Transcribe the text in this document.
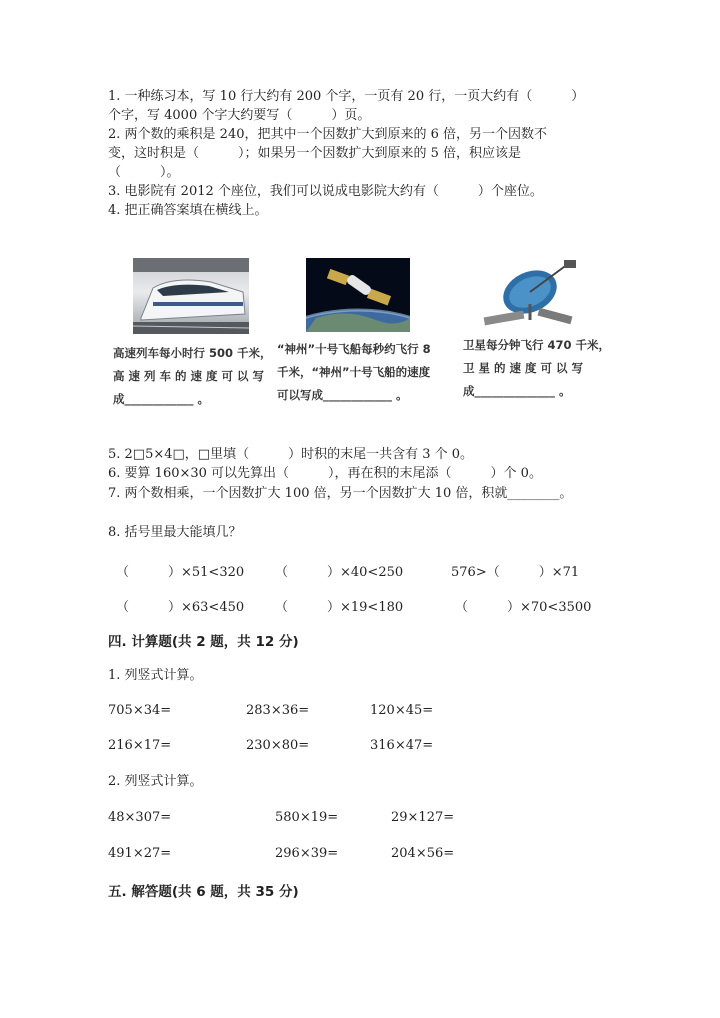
1. 一种练习本，写 10 行大约有 200 个字，一页有 20 行，一页大约有（　　　）
个字，写 4000 个字大约要写（　　　）页。
2. 两个数的乘积是 240，把其中一个因数扩大到原来的 6 倍，另一个因数不
变，这时积是（　　　）；如果另一个因数扩大到原来的 5 倍，积应该是
（　　　）。
3. 电影院有 2012 个座位，我们可以说成电影院大约有（　　　）个座位。
4. 把正确答案填在横线上。
高速列车每小时行 500 千米，
高 速 列 车 的 速 度 可 以 写
成____________ 。
“神州”十号飞船每秒约飞行 8
千米，“神州”十号飞船的速度
可以写成____________ 。
卫星每分钟飞行 470 千米，
卫 星 的 速 度 可 以 写
成______________ 。
5. 2□5×4□，□里填（　　　）时积的末尾一共含有 3 个 0。
6. 要算 160×30 可以先算出（　　　），再在积的末尾添（　　　）个 0。
7. 两个数相乘，一个因数扩大 100 倍，另一个因数扩大 10 倍，积就________。
8. 括号里最大能填几？
（　　　）×51<320 （　　　）×40<250	576>（　　　）×71
（　　　）×63<450 （　　　）×19<180	（　　　）×70<3500
四. 计算题(共 2 题，共 12 分)
1. 列竖式计算。
705×34=	283×36=	120×45=
216×17=	230×80=	316×47=
2. 列竖式计算。
48×307=	580×19=	29×127=
491×27=	296×39=	204×56=
五. 解答题(共 6 题，共 35 分)
